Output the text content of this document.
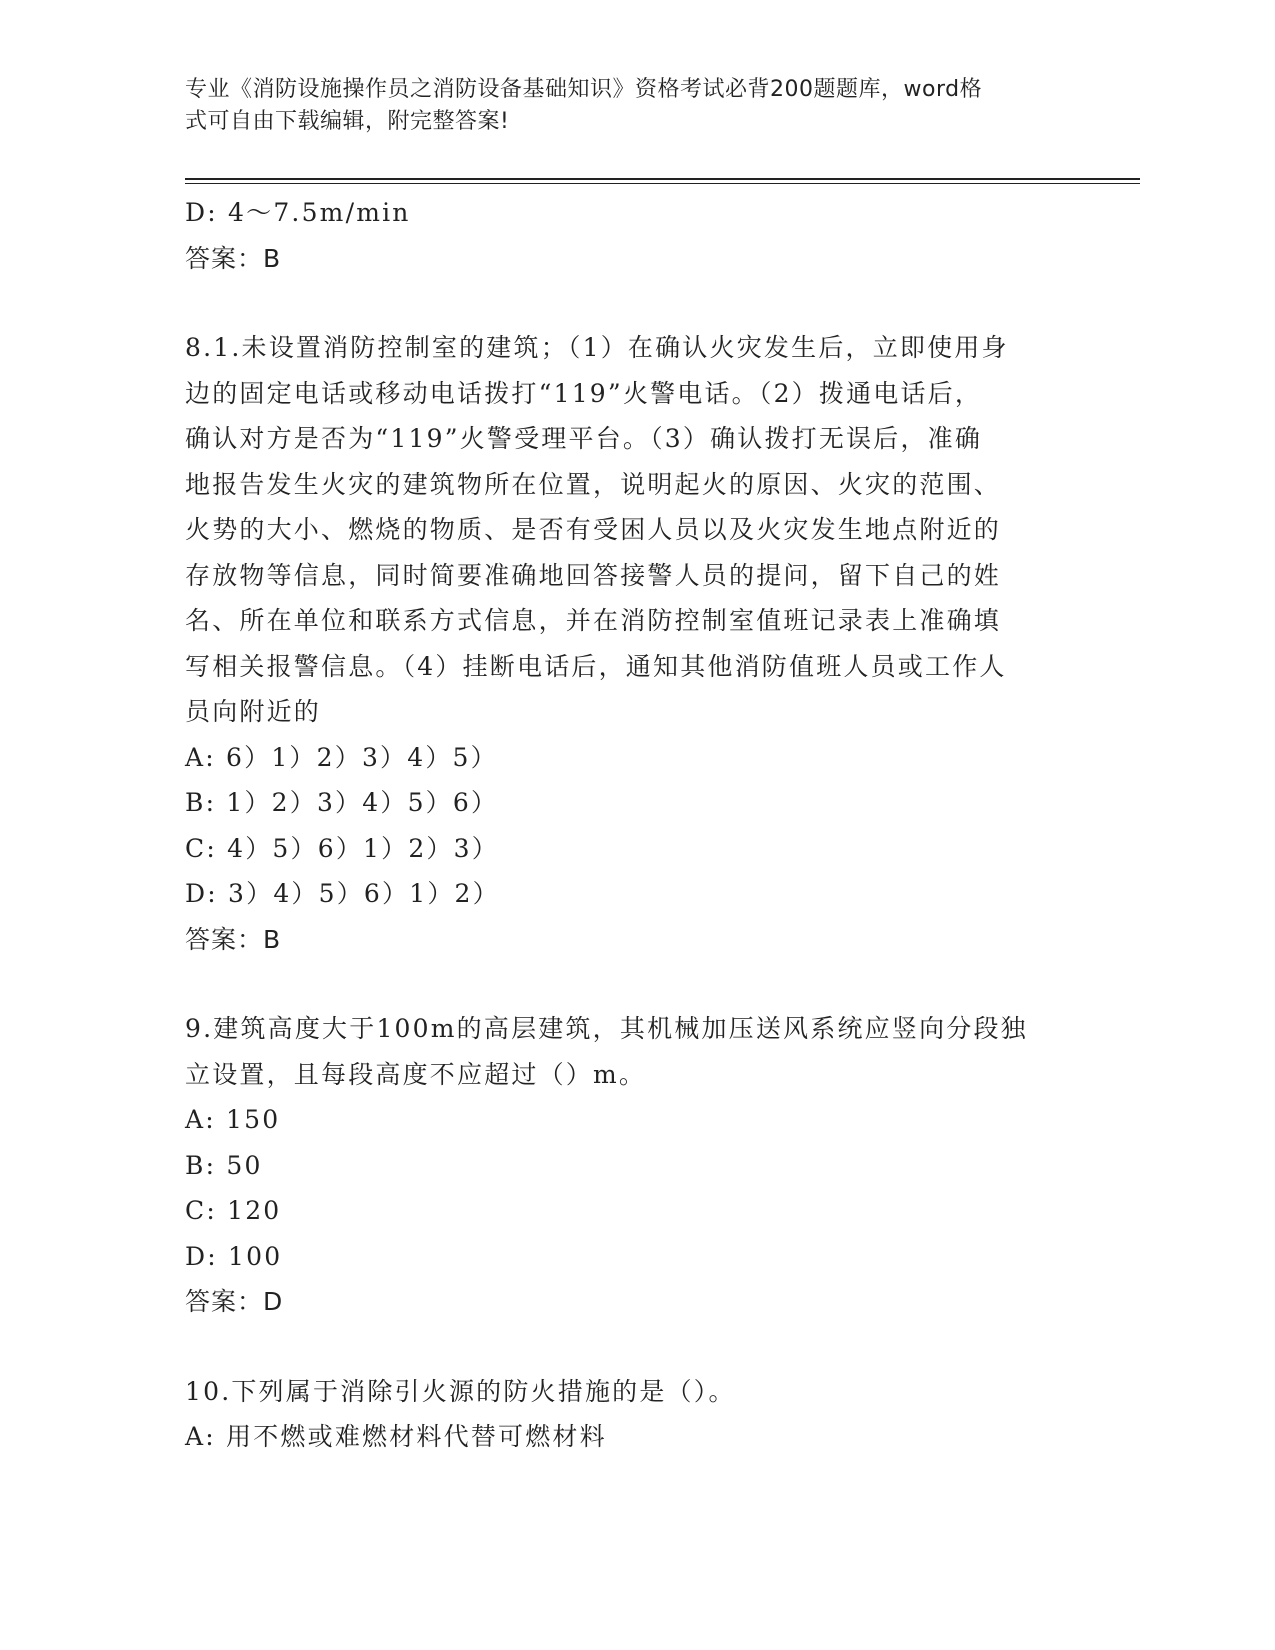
专业《消防设施操作员之消防设备基础知识》资格考试必背200题题库，word格
式可自由下载编辑，附完整答案!
D: 4～7.5m/min
答案：B
8.1.未设置消防控制室的建筑；（1）在确认火灾发生后，立即使用身
边的固定电话或移动电话拨打“119”火警电话。（2）拨通电话后，
确认对方是否为“119”火警受理平台。（3）确认拨打无误后，准确
地报告发生火灾的建筑物所在位置，说明起火的原因、火灾的范围、
火势的大小、燃烧的物质、是否有受困人员以及火灾发生地点附近的
存放物等信息，同时简要准确地回答接警人员的提问，留下自己的姓
名、所在单位和联系方式信息，并在消防控制室值班记录表上准确填
写相关报警信息。（4）挂断电话后，通知其他消防值班人员或工作人
员向附近的
A: 6）1）2）3）4）5）
B: 1）2）3）4）5）6）
C: 4）5）6）1）2）3）
D: 3）4）5）6）1）2）
答案：B
9.建筑高度大于100m的高层建筑，其机械加压送风系统应竖向分段独
立设置，且每段高度不应超过（）m。
A: 150
B: 50
C: 120
D: 100
答案：D
10.下列属于消除引火源的防火措施的是（）。
A: 用不燃或难燃材料代替可燃材料
